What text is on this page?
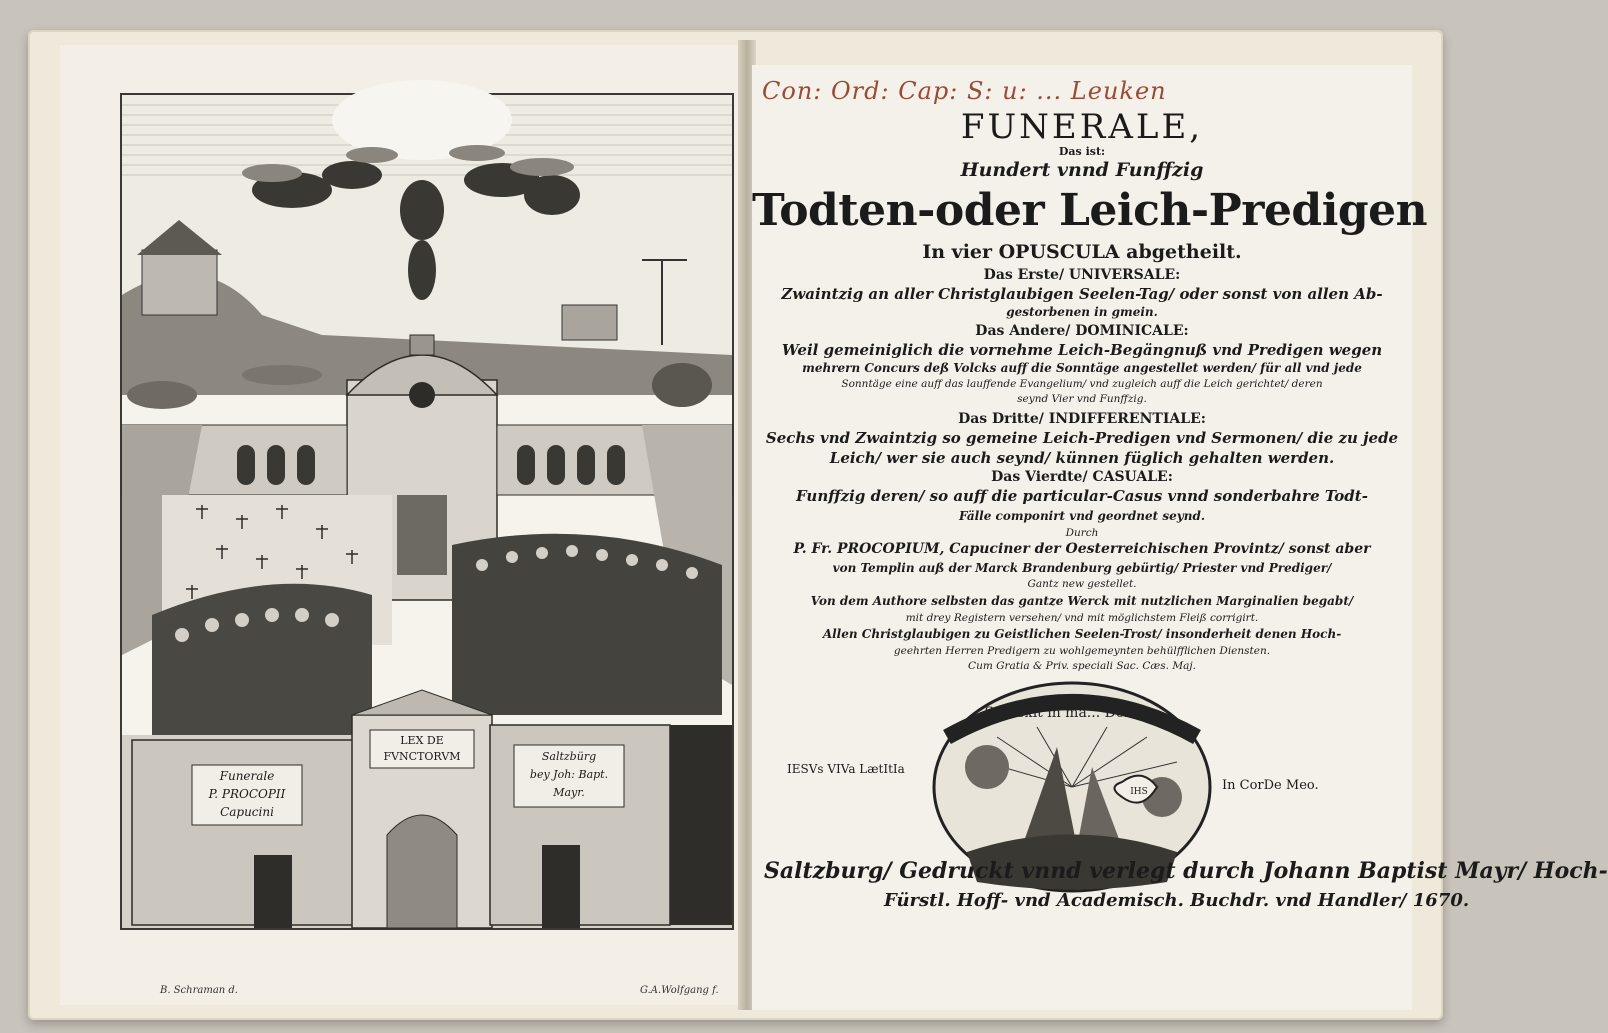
Funerale
P. PROCOPII
Capucini
LEX DE
FVNCTORVM	Saltzbürg
bey Joh: Bapt.
Mayr.
B. Schraman d.	G.A.Wolfgang f.
Con: Ord: Cap: S: u: ... Leuken
FUNERALE,
Das ist:
Hundert vnnd Funffzig
Todten-oder Leich-Predigen
In vier OPUSCULA abgetheilt.
Das Erste/ UNIVERSALE:
Zwaintzig an aller Christglaubigen Seelen-Tag/ oder sonst von allen Ab-
gestorbenen in gmein.
Das Andere/ DOMINICALE:
Weil gemeiniglich die vornehme Leich-Begängnuß vnd Predigen wegen
mehrern Concurs deß Volcks auff die Sonntäge angestellet werden/ für all vnd jede
Sonntäge eine auff das lauffende Evangelium/ vnd zugleich auff die Leich gerichtet/ deren
seynd Vier vnd Funffzig.
Das Dritte/ INDIFFERENTIALE:
Sechs vnd Zwaintzig so gemeine Leich-Predigen vnd Sermonen/ die zu jede
Leich/ wer sie auch seynd/ künnen füglich gehalten werden.
Das Vierdte/ CASUALE:
Funffzig deren/ so auff die particular-Casus vnnd sonderbahre Todt-
Fälle componirt vnd geordnet seynd.
Durch
P. Fr. PROCOPIUM, Capuciner der Oesterreichischen Provintz/ sonst aber
von Templin auß der Marck Brandenburg gebürtig/ Priester vnd Prediger/
Gantz new gestellet.
Von dem Authore selbsten das gantze Werck mit nutzlichen Marginalien begabt/
mit drey Registern versehen/ vnd mit möglichstem Fleiß corrigirt.
Allen Christglaubigen zu Geistlichen Seelen-Trost/ insonderheit denen Hoch-
geehrten Herren Predigern zu wohlgemeynten behülfflichen Diensten.
Cum Gratia & Priv. speciali Sac. Cæs. Maj.
Surrexit in ma... Domino
IHS
IESVs VIVa LætItIa
In CorDe Meo.
Saltzburg/ Gedruckt vnnd verlegt durch Johann Baptist Mayr/ Hoch-
Fürstl. Hoff- vnd Academisch. Buchdr. vnd Handler/ 1670.
